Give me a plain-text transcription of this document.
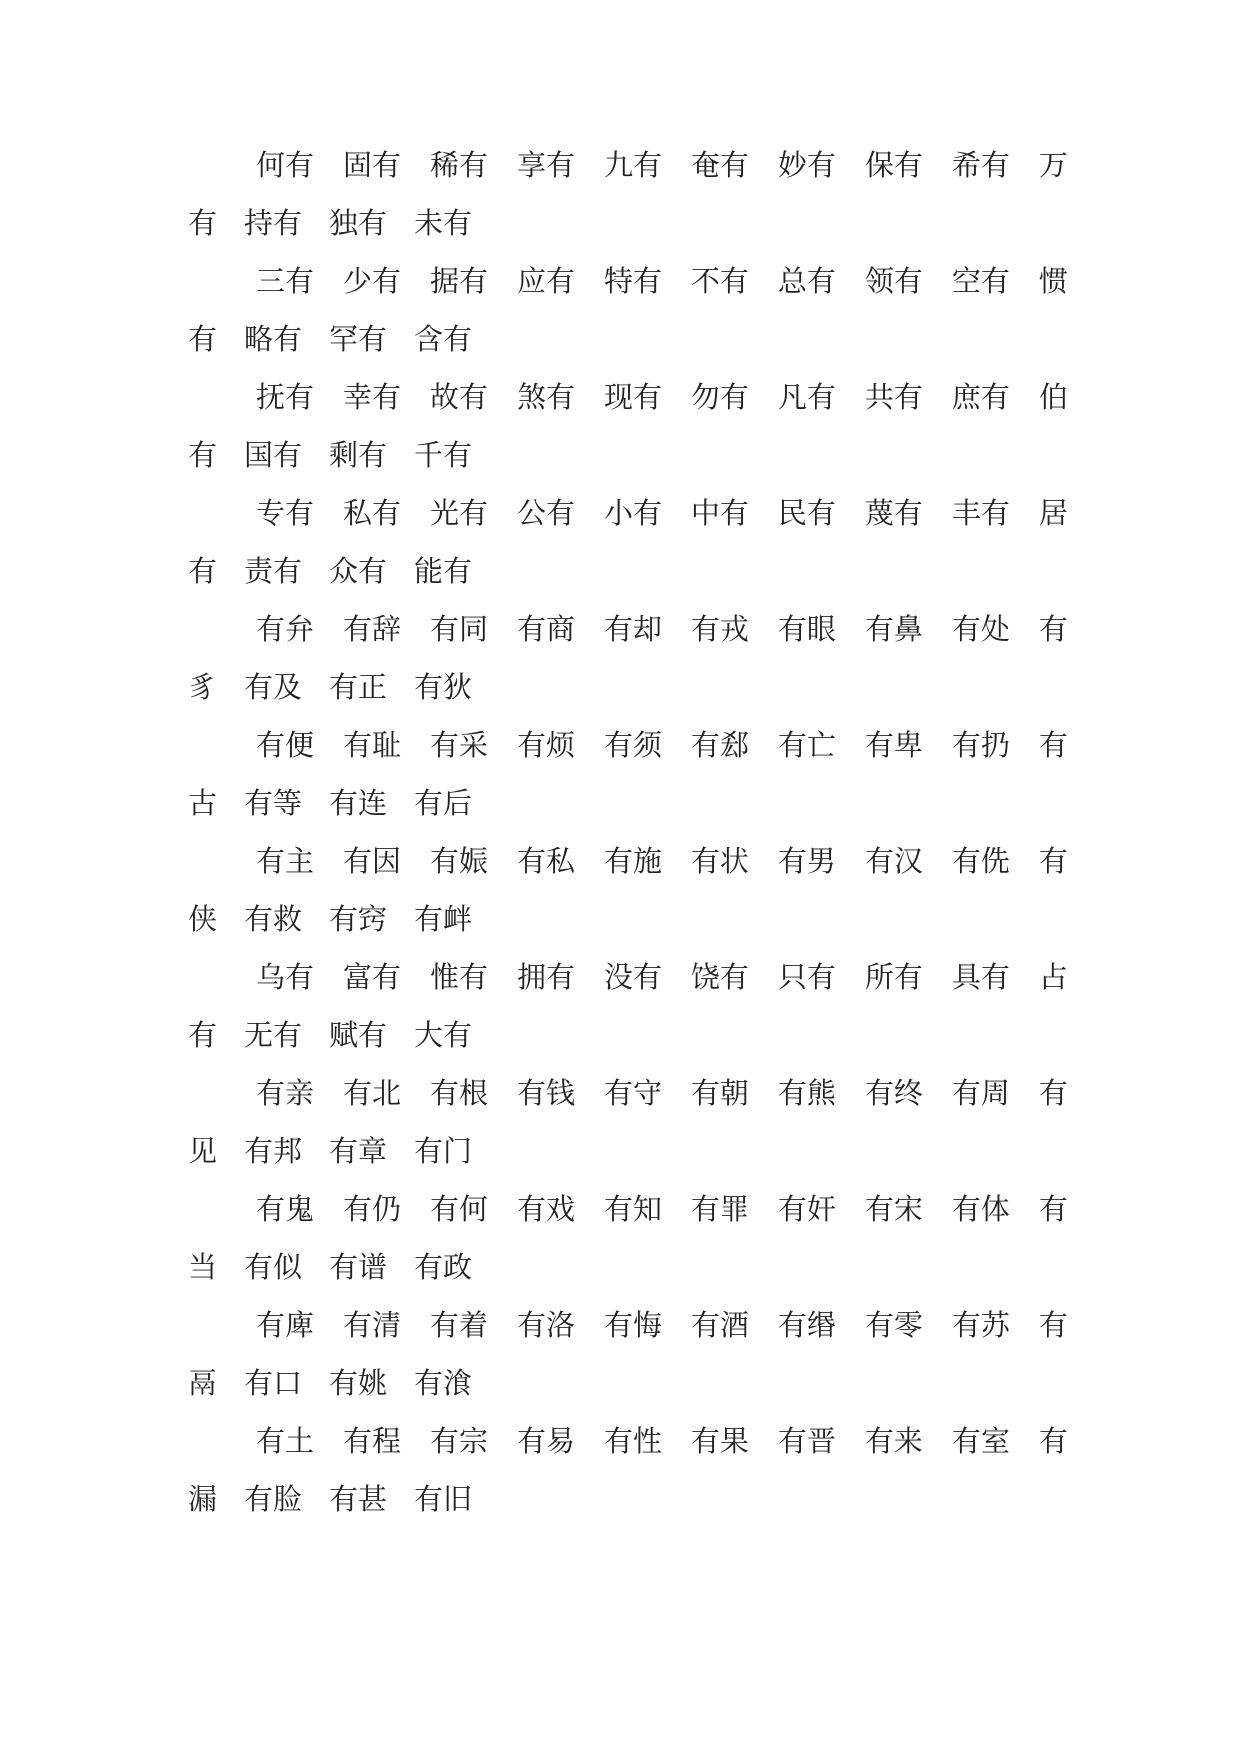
何有 固有 稀有 享有 九有 奄有 妙有 保有 希有 万
有 持有 独有 未有
三有 少有 据有 应有 特有 不有 总有 领有 空有 惯
有 略有 罕有 含有
抚有 幸有 故有 煞有 现有 勿有 凡有 共有 庶有 伯
有 国有 剩有 千有
专有 私有 光有 公有 小有 中有 民有 蔑有 丰有 居
有 责有 众有 能有
有弁 有辞 有同 有商 有却 有戎 有眼 有鼻 有处 有
豸 有及 有正 有狄
有便 有耻 有采 有烦 有须 有郄 有亡 有卑 有扔 有
古 有等 有连 有后
有主 有因 有娠 有私 有施 有状 有男 有汉 有侁 有
侠 有救 有窍 有衅
乌有 富有 惟有 拥有 没有 饶有 只有 所有 具有 占
有 无有 赋有 大有
有亲 有北 有根 有钱 有守 有朝 有熊 有终 有周 有
见 有邦 有章 有门
有鬼 有仍 有何 有戏 有知 有罪 有奸 有宋 有体 有
当 有似 有谱 有政
有庳 有清 有着 有洛 有悔 有酒 有缗 有零 有苏 有
鬲 有口 有姚 有湌
有土 有程 有宗 有易 有性 有果 有晋 有来 有室 有
漏 有脸 有甚 有旧
